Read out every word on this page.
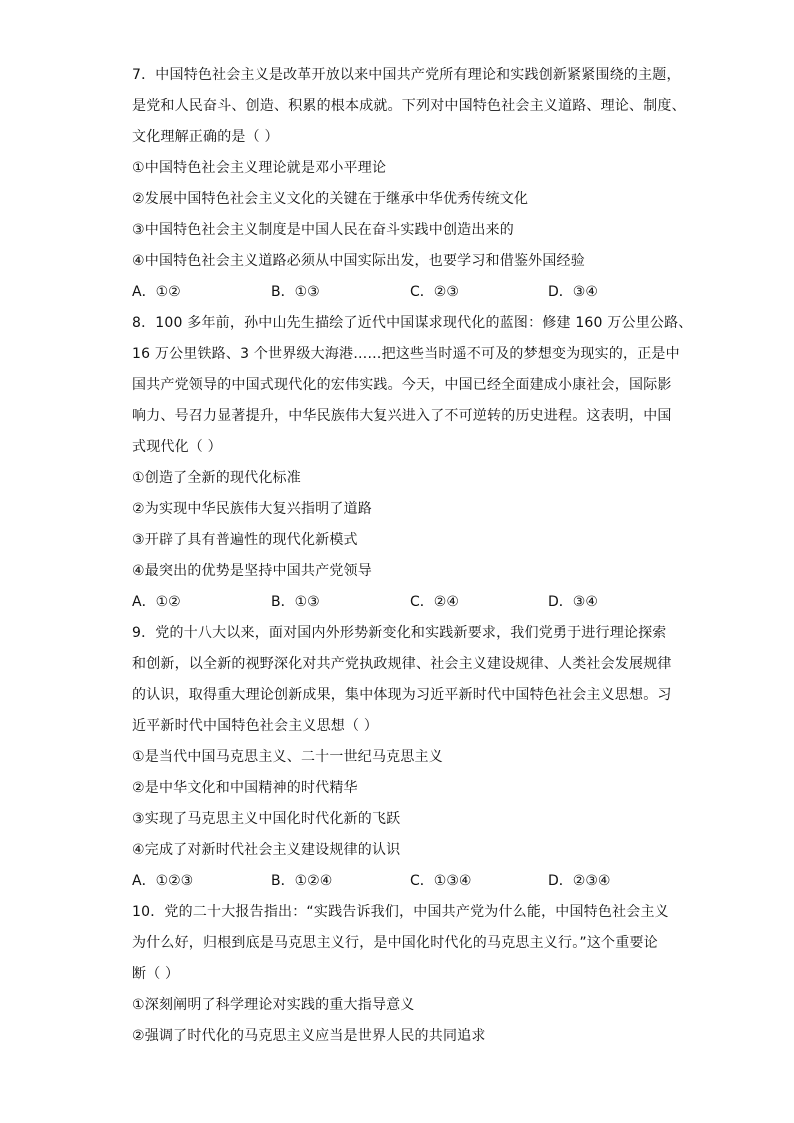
7．中国特色社会主义是改革开放以来中国共产党所有理论和实践创新紧紧围绕的主题，
是党和人民奋斗、创造、积累的根本成就。下列对中国特色社会主义道路、理论、制度、
文化理解正确的是（ ）
①中国特色社会主义理论就是邓小平理论
②发展中国特色社会主义文化的关键在于继承中华优秀传统文化
③中国特色社会主义制度是中国人民在奋斗实践中创造出来的
④中国特色社会主义道路必须从中国实际出发，也要学习和借鉴外国经验
A．①②	B．①③	C．②③	D．③④
8．100 多年前，孙中山先生描绘了近代中国谋求现代化的蓝图：修建 160 万公里公路、
16 万公里铁路、3 个世界级大海港……把这些当时遥不可及的梦想变为现实的，正是中
国共产党领导的中国式现代化的宏伟实践。今天，中国已经全面建成小康社会，国际影
响力、号召力显著提升，中华民族伟大复兴进入了不可逆转的历史进程。这表明，中国
式现代化（ ）
①创造了全新的现代化标准
②为实现中华民族伟大复兴指明了道路
③开辟了具有普遍性的现代化新模式
④最突出的优势是坚持中国共产党领导
A．①②	B．①③	C．②④	D．③④
9．党的十八大以来，面对国内外形势新变化和实践新要求，我们党勇于进行理论探索
和创新，以全新的视野深化对共产党执政规律、社会主义建设规律、人类社会发展规律
的认识，取得重大理论创新成果，集中体现为习近平新时代中国特色社会主义思想。习
近平新时代中国特色社会主义思想（ ）
①是当代中国马克思主义、二十一世纪马克思主义
②是中华文化和中国精神的时代精华
③实现了马克思主义中国化时代化新的飞跃
④完成了对新时代社会主义建设规律的认识
A．①②③	B．①②④	C．①③④	D．②③④
10．党的二十大报告指出：“实践告诉我们，中国共产党为什么能，中国特色社会主义
为什么好，归根到底是马克思主义行，是中国化时代化的马克思主义行。”这个重要论
断（ ）
①深刻阐明了科学理论对实践的重大指导意义
②强调了时代化的马克思主义应当是世界人民的共同追求
